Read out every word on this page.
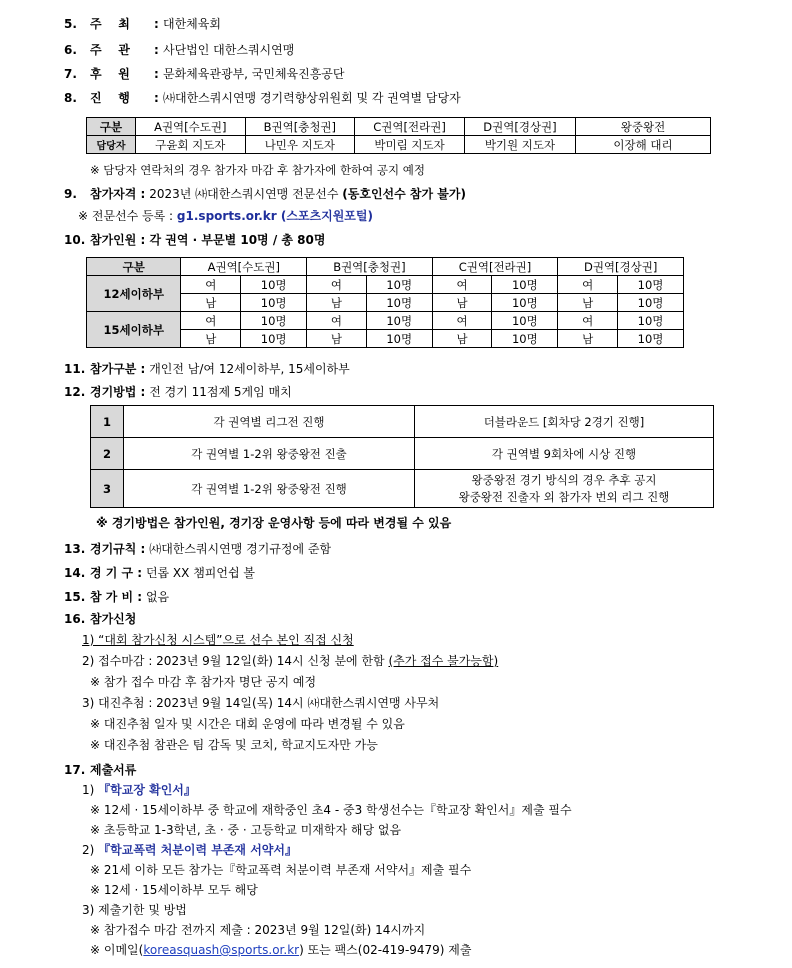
5. 주    최 : 대한체육회
6. 주    관 : 사단법인 대한스쿼시연맹
7. 후    원 : 문화체육관광부, 국민체육진흥공단
8. 진    행 : ㈔대한스쿼시연맹 경기력향상위원회 및 각 권역별 담당자
구분	A권역[수도권]	B권역[충청권]	C권역[전라권]	D권역[경상권]	왕중왕전
담당자	구윤회 지도자	나민우 지도자	박미림 지도자	박기원 지도자	이장해 대리
※ 담당자 연락처의 경우 참가자 마감 후 참가자에 한하여 공지 예정
9. 참가자격 : 2023년 ㈔대한스쿼시연맹 전문선수 (동호인선수 참가 불가)
※ 전문선수 등록 : g1.sports.or.kr (스포츠지원포털)
10. 참가인원 : 각 권역 · 부문별 10명 / 총 80명
구분	A권역[수도권]		B권역[충청권]		C권역[전라권]		D권역[경상권]	
12세이하부	여	10명	여	10명	여	10명	여	10명
	남	10명	남	10명	남	10명	남	10명
15세이하부	여	10명	여	10명	여	10명	여	10명
	남	10명	남	10명	남	10명	남	10명
11. 참가구분 : 개인전 남/여 12세이하부, 15세이하부
12. 경기방법 : 전 경기 11점제 5게임 매치
1	각 권역별 리그전 진행	더블라운드 [회차당 2경기 진행]

2	각 권역별 1-2위 왕중왕전 진출	각 권역별 9회차에 시상 진행

3	각 권역별 1-2위 왕중왕전 진행	왕중왕전 경기 방식의 경우 추후 공지
왕중왕전 진출자 외 참가자 번외 리그 진행
※ 경기방법은 참가인원, 경기장 운영사항 등에 따라 변경될 수 있음
13. 경기규칙 : ㈔대한스쿼시연맹 경기규정에 준함
14. 경 기 구 : 던롭 XX 챔피언쉽 볼
15. 참 가 비 : 없음
16. 참가신청
1) “대회 참가신청 시스템”으로 선수 본인 직접 신청
2) 접수마감 : 2023년 9월 12일(화) 14시 신청 분에 한함 (추가 접수 불가능함)
※ 참가 접수 마감 후 참가자 명단 공지 예정
3) 대진추첨 : 2023년 9월 14일(목) 14시 ㈔대한스쿼시연맹 사무처
※ 대진추첨 일자 및 시간은 대회 운영에 따라 변경될 수 있음
※ 대진추첨 참관은 팀 감독 및 코치, 학교지도자만 가능
17. 제출서류
1) 『학교장 확인서』
※ 12세 · 15세이하부 중 학교에 재학중인 초4 - 중3 학생선수는『학교장 확인서』제출 필수
※ 초등학교 1-3학년, 초 · 중 · 고등학교 미재학자 해당 없음
2) 『학교폭력 처분이력 부존재 서약서』
※ 21세 이하 모든 참가는『학교폭력 처분이력 부존재 서약서』제출 필수
※ 12세 · 15세이하부 모두 해당
3) 제출기한 및 방법
※ 참가접수 마감 전까지 제출 : 2023년 9월 12일(화) 14시까지
※ 이메일(koreasquash@sports.or.kr) 또는 팩스(02-419-9479) 제출
